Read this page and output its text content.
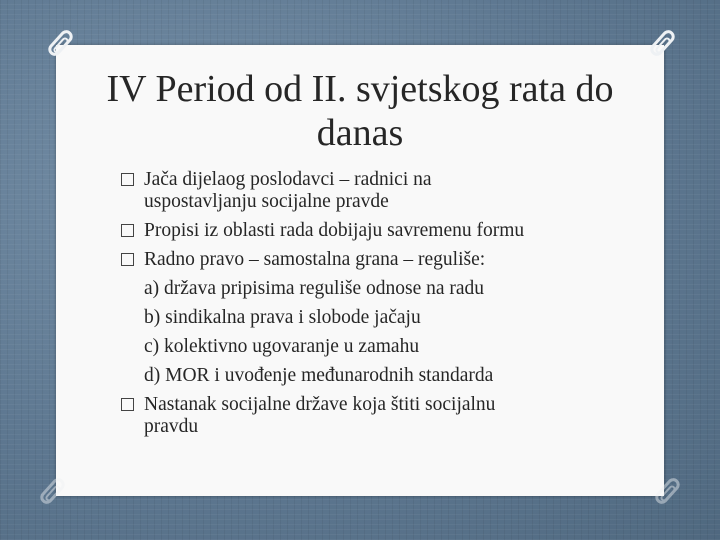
IV Period od II. svjetskog rata do
danas
Jača dijelaog poslodavci – radnici na
uspostavljanju socijalne pravde
Propisi iz oblasti rada dobijaju savremenu formu
Radno pravo – samostalna grana – reguliše:
a) država pripisima reguliše odnose na radu
b) sindikalna prava i slobode jačaju
c) kolektivno ugovaranje u zamahu
d) MOR i uvođenje međunarodnih standarda
Nastanak socijalne države koja štiti socijalnu
pravdu
